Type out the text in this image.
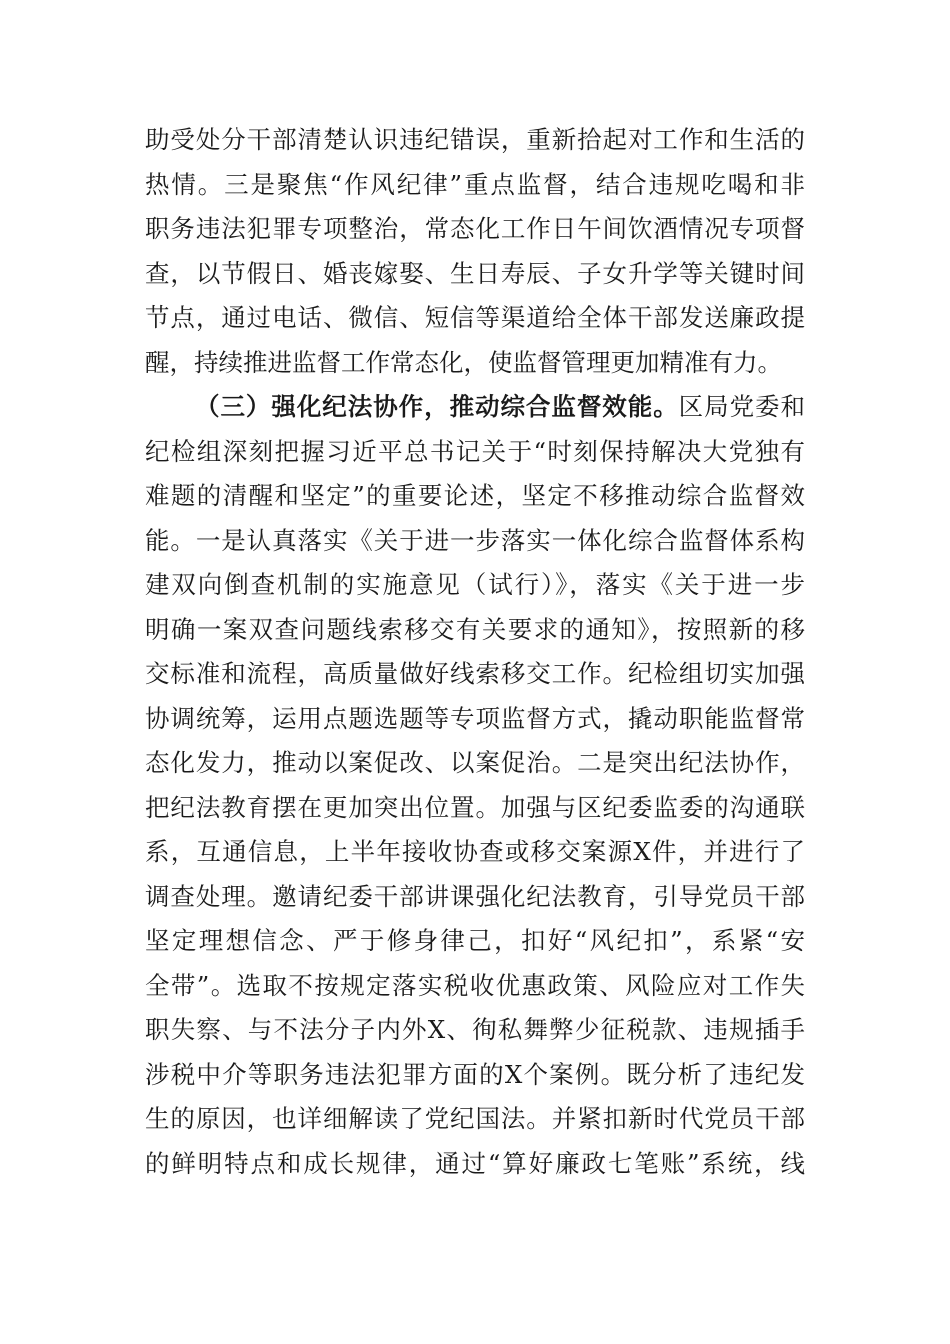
助受处分干部清楚认识违纪错误，重新拾起对工作和生活的
热情。三是聚焦“作风纪律”重点监督，结合违规吃喝和非
职务违法犯罪专项整治，常态化工作日午间饮酒情况专项督
查，以节假日、婚丧嫁娶、生日寿辰、子女升学等关键时间
节点，通过电话、微信、短信等渠道给全体干部发送廉政提
醒，持续推进监督工作常态化，使监督管理更加精准有力。
（三）强化纪法协作，推动综合监督效能。区局党委和
纪检组深刻把握习近平总书记关于“时刻保持解决大党独有
难题的清醒和坚定”的重要论述，坚定不移推动综合监督效
能。一是认真落实《关于进一步落实一体化综合监督体系构
建双向倒查机制的实施意见（试行）》，落实《关于进一步
明确一案双查问题线索移交有关要求的通知》，按照新的移
交标准和流程，高质量做好线索移交工作。纪检组切实加强
协调统筹，运用点题选题等专项监督方式，撬动职能监督常
态化发力，推动以案促改、以案促治。二是突出纪法协作，
把纪法教育摆在更加突出位置。加强与区纪委监委的沟通联
系，互通信息，上半年接收协查或移交案源X件，并进行了
调查处理。邀请纪委干部讲课强化纪法教育，引导党员干部
坚定理想信念、严于修身律己，扣好“风纪扣”，系紧“安
全带”。选取不按规定落实税收优惠政策、风险应对工作失
职失察、与不法分子内外X、徇私舞弊少征税款、违规插手
涉税中介等职务违法犯罪方面的X个案例。既分析了违纪发
生的原因，也详细解读了党纪国法。并紧扣新时代党员干部
的鲜明特点和成长规律，通过“算好廉政七笔账”系统，线
